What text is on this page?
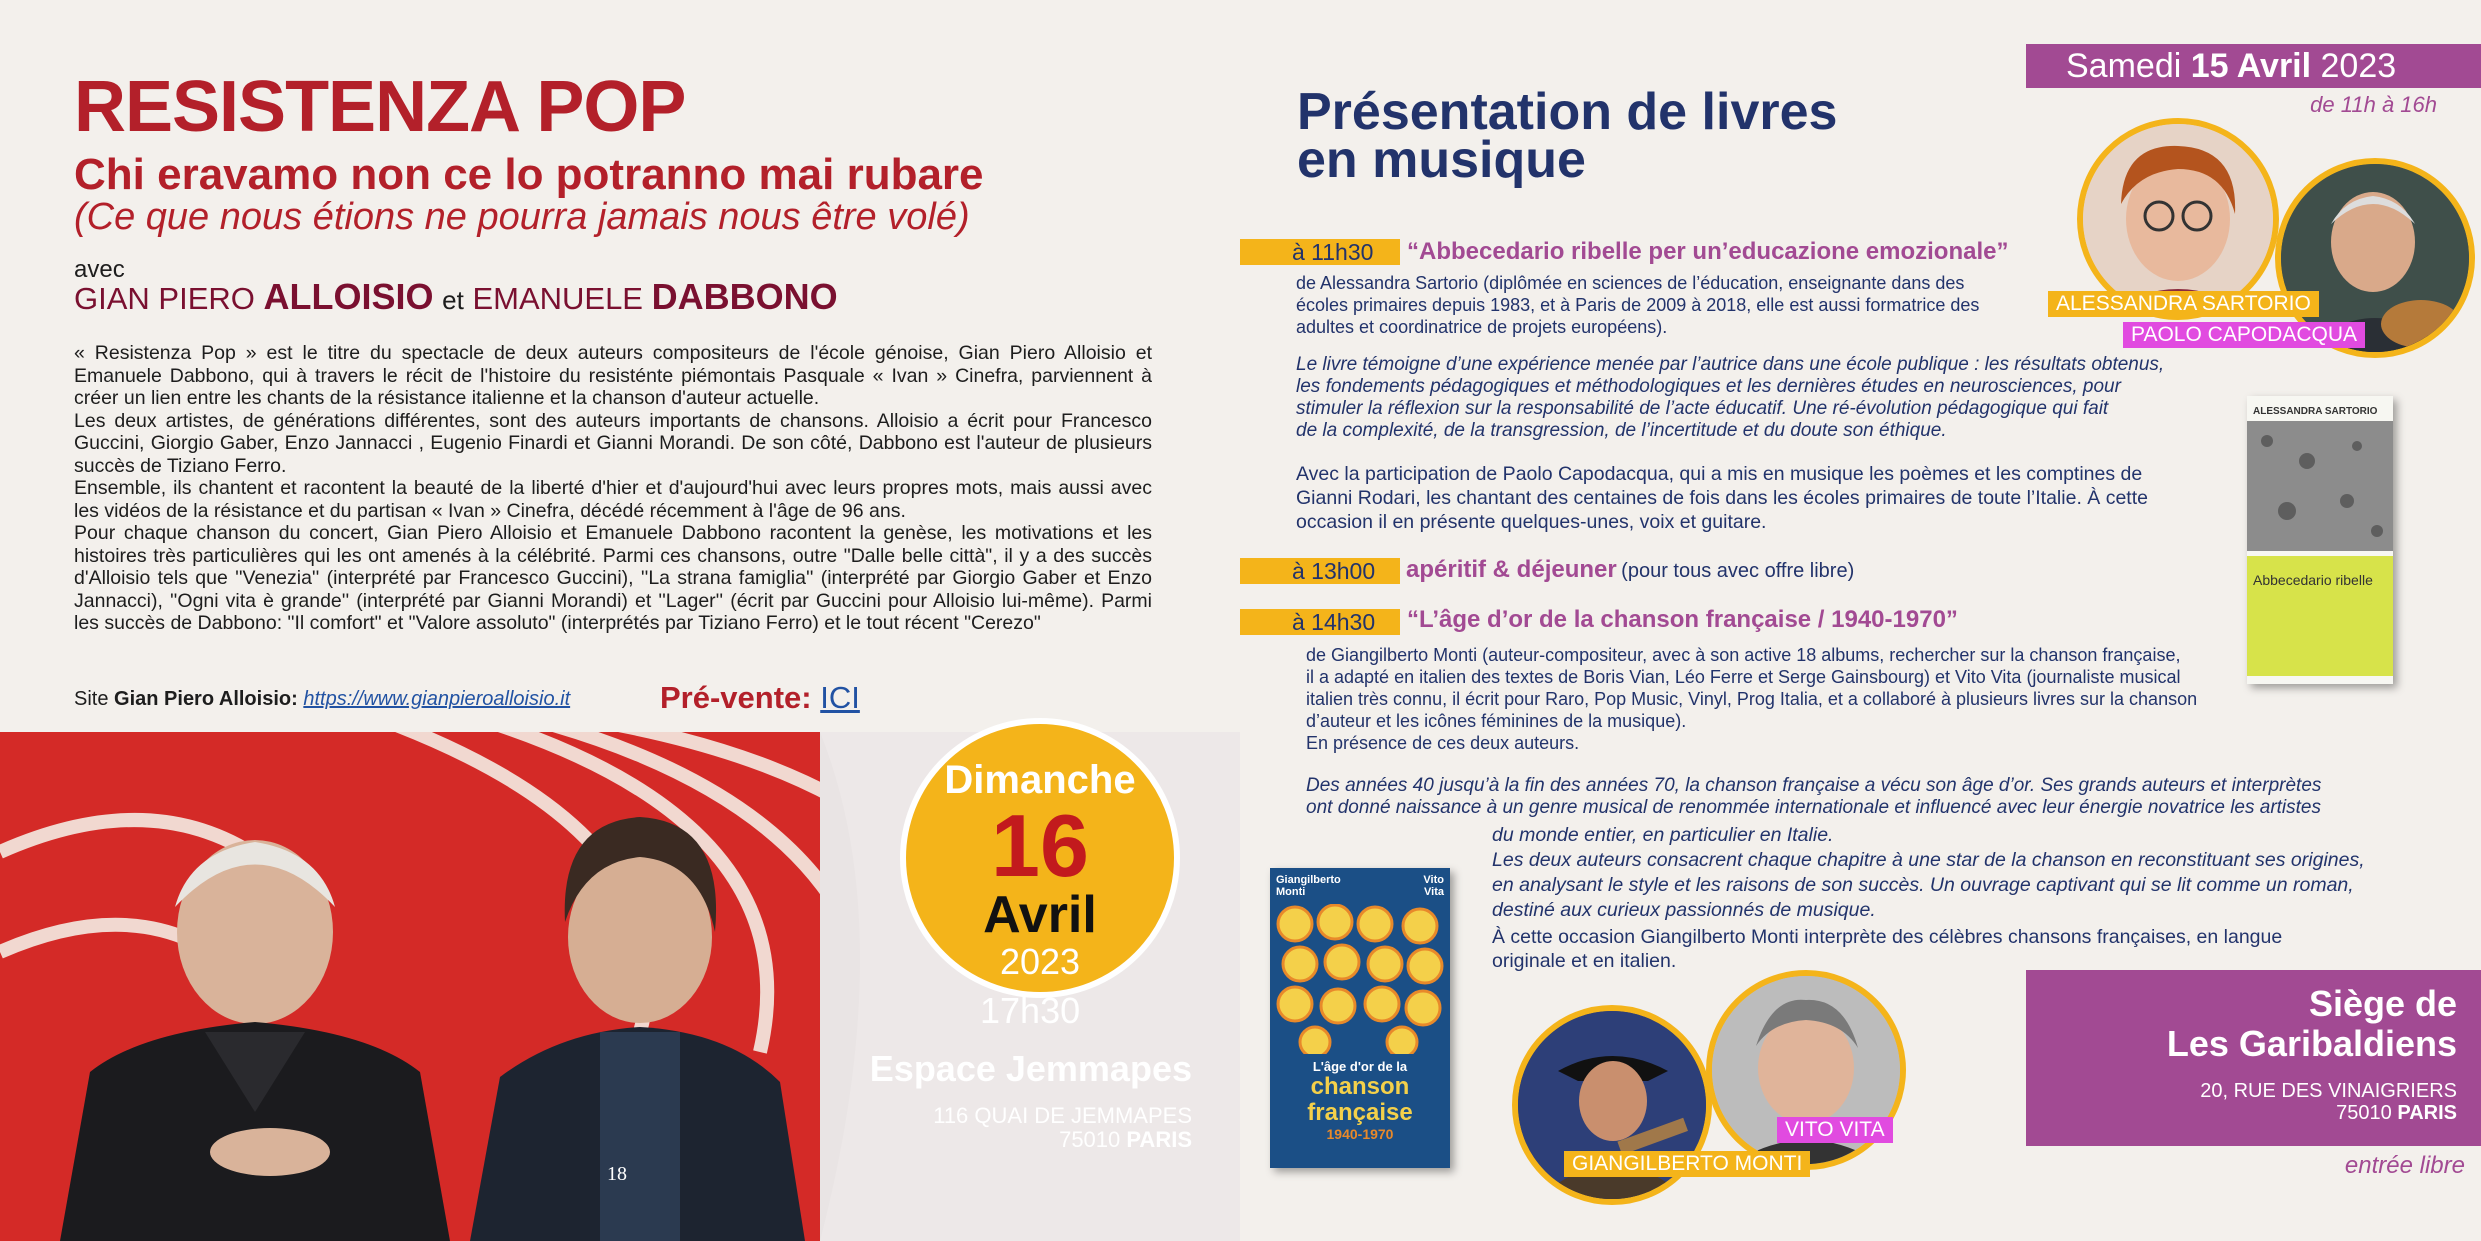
RESISTENZA POP
Chi eravamo non ce lo potranno mai rubare
(Ce que nous étions ne pourra jamais nous être volé)
avec
GIAN PIERO ALLOISIO et EMANUELE DABBONO

« Resistenza Pop » est le titre du spectacle de deux auteurs compositeurs de l'école génoise, Gian Piero Alloisio et Emanuele Dabbono, qui à travers le récit de l'histoire du resisténte piémontais Pasquale « Ivan » Cinefra, parviennent à créer un lien entre les chants de la résistance italienne et la chanson d'auteur actuelle.

Les deux artistes, de générations différentes, sont des auteurs importants de chansons. Alloisio a écrit pour Francesco Guccini, Giorgio Gaber, Enzo Jannacci , Eugenio Finardi et Gianni Morandi. De son côté, Dabbono est l'auteur de plusieurs succès de Tiziano Ferro.

Ensemble, ils chantent et racontent la beauté de la liberté d'hier et d'aujourd'hui avec leurs propres mots, mais aussi avec les vidéos de la résistance et du partisan « Ivan » Cinefra, décédé récemment à l'âge de 96 ans.

Pour chaque chanson du concert, Gian Piero Alloisio et Emanuele Dabbono racontent la genèse, les motivations et les histoires très particulières qui les ont amenés à la célébrité. Parmi ces chansons, outre "Dalle belle città", il y a des succès d'Alloisio tels que ''Venezia'' (interprété par Francesco Guccini), ''La strana famiglia'' (interprété par Giorgio Gaber et Enzo Jannacci), ''Ogni vita è grande'' (interprété par Gianni Morandi) et ''Lager'' (écrit par Guccini pour Alloisio lui-même). Parmi les succès de Dabbono: "Il comfort" et "Valore assoluto" (interprétés par Tiziano Ferro) et le tout récent "Cerezo"

Site Gian Piero Alloisio: https://www.gianpieroalloisio.it	Pré-vente: ICI
Dimanche
16
Avril
2023
17h30
Espace Jemmapes
116 QUAI DE JEMMAPES
75010 PARIS
18
Samedi 15 Avril 2023
de 11h à 16h
Présentation de livres
en musique
à 11h30	“Abbecedario ribelle per un’educazione emozionale”
de Alessandra Sartorio (diplômée en sciences de l’éducation, enseignante dans des
écoles primaires depuis 1983, et à Paris de 2009 à 2018, elle est aussi formatrice des
adultes et coordinatrice de projets européens).
Le livre témoigne d’une expérience menée par l’autrice dans une école publique : les résultats obtenus,
les fondements pédagogiques et méthodologiques et les dernières études en neurosciences, pour
stimuler la réflexion sur la responsabilité de l’acte éducatif. Une ré-évolution pédagogique qui fait
de la complexité, de la transgression, de l’incertitude et du doute son éthique.
Avec la participation de Paolo Capodacqua, qui a mis en musique les poèmes et les comptines de
Gianni Rodari, les chantant des centaines de fois dans les écoles primaires de toute l’Italie. À cette
occasion il en présente quelques-unes, voix et guitare.
à 13h00	apéritif & déjeuner (pour tous avec offre libre)
à 14h30	“L’âge d’or de la chanson française / 1940-1970”
de Giangilberto Monti (auteur-compositeur, avec à son active 18 albums, rechercher sur la chanson française,
il a adapté en italien des textes de Boris Vian, Léo Ferre et Serge Gainsbourg) et Vito Vita (journaliste musical
italien très connu, il écrit pour Raro, Pop Music, Vinyl, Prog Italia, et a collaboré à plusieurs livres sur la chanson
d’auteur et les icônes féminines de la musique).
En présence de ces deux auteurs.
Des années 40 jusqu’à la fin des années 70, la chanson française a vécu son âge d’or. Ses grands auteurs et interprètes
ont donné naissance à un genre musical de renommée internationale et influencé avec leur énergie novatrice les artistes
du monde entier, en particulier en Italie.
Les deux auteurs consacrent chaque chapitre à une star de la chanson en reconstituant ses origines,
en analysant le style et les raisons de son succès. Un ouvrage captivant qui se lit comme un roman,
destiné aux curieux passionnés de musique.
À cette occasion Giangilberto Monti interprète des célèbres chansons françaises, en langue
originale et en italien.
ALESSANDRA SARTORIO
PAOLO CAPODACQUA
ALESSANDRA SARTORIO
Abbecedario ribelle
Giangilberto Monti
Vito Vita
L'âge d'or de la
chanson française
1940-1970
GIANGILBERTO MONTI
VITO VITA
Siège de
Les Garibaldiens
20, RUE DES VINAIGRIERS
75010 PARIS
entrée libre
